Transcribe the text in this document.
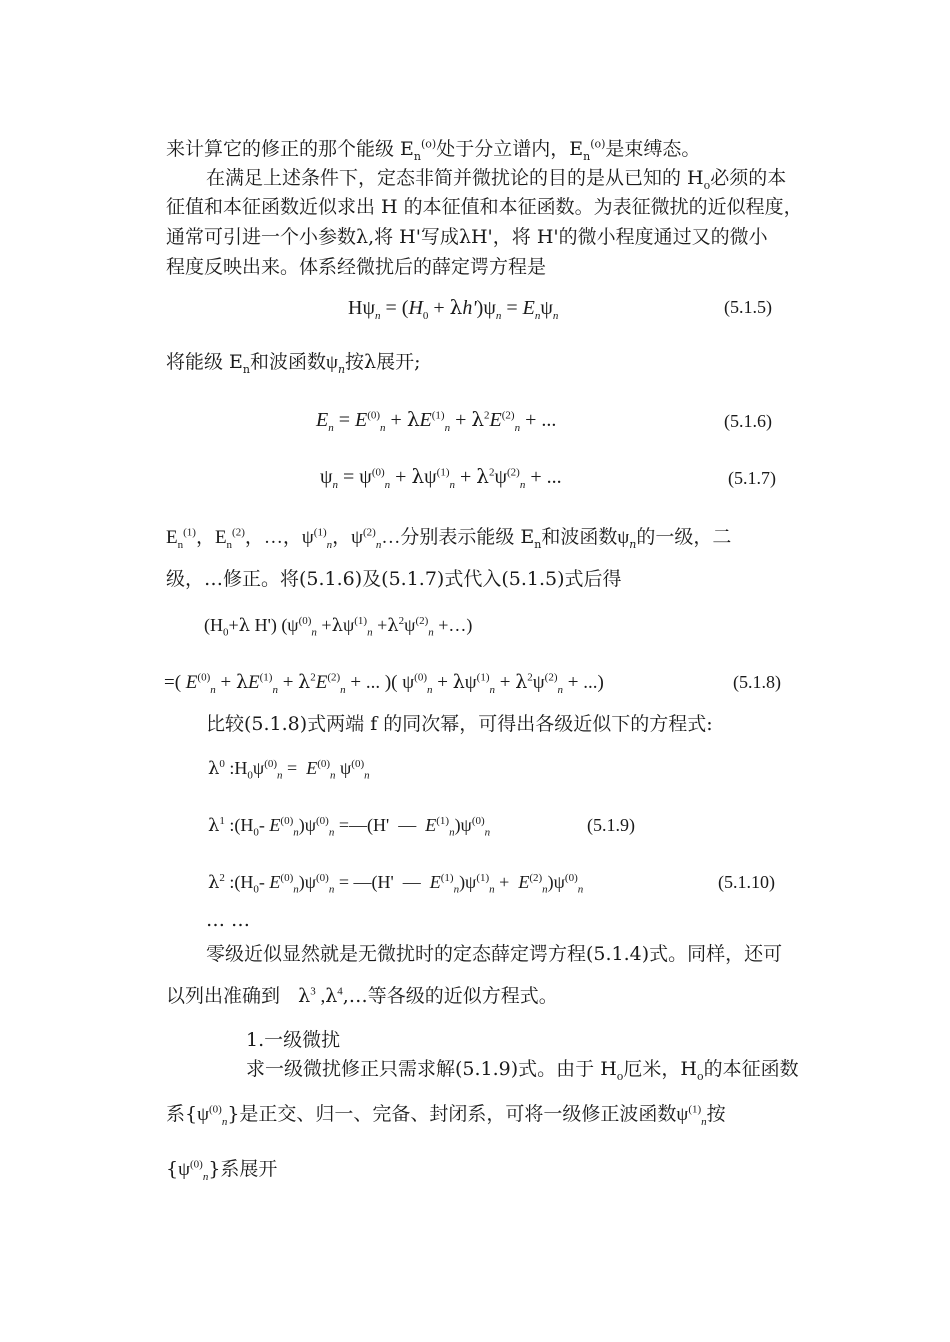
来计算它的修正的那个能级 $E_n^{(o)}$处于分立谱内，$E_n^{(o)}$是束缚态。
在满足上述条件下，定态非简并微扰论的目的是从已知的 $H_o$必须的本
征值和本征函数近似求出 H 的本征值和本征函数。为表征微扰的近似程度，
通常可引进一个小参数λ,将 H'写成λH'，将 H'的微小程度通过又的微小
程度反映出来。体系经微扰后的薛定谔方程是
$H\psi_n = (H_0 + \lambda h')\psi_n = E_n\psi_n$	(5.1.5)
将能级 $E_n$和波函数$\psi_n$按λ展开;
$E_n = E^{(0)}_n + \lambda E^{(1)}_n + \lambda^2E^{(2)}_n$ + ...	(5.1.6)
$\psi_n = \psi^{(0)}_n + \lambda\psi^{(1)}_n + \lambda^2\psi^{(2)}_n$ + ...	(5.1.7)
$E_n^{(1)}$，$E_n^{(2)}$，…，$\psi^{(1)}_n$，$\psi^{(2)}_n\dots$分别表示能级 $E_n$和波函数$\psi_n$的一级，二
级，…修正。将(5.1.6)及(5.1.7)式代入(5.1.5)式后得
($H_0+\lambda$ H') ($\psi^{(0)}_n +\lambda\psi^{(1)}_n +\lambda^2\psi^{(2)}_n$ +…)
=( $E^{(0)}_n + \lambda E^{(1)}_n + \lambda^2E^{(2)}_n$ + ... )( $\psi^{(0)}_n + \lambda\psi^{(1)}_n + \lambda^2\psi^{(2)}_n$ + ...)	(5.1.8)
比较(5.1.8)式两端 f 的同次幂，可得出各级近似下的方程式:
$\lambda^0$ $:H_0\psi^{(0)}_n = E^{(0)}_n$ $\psi^{(0)}_n$
$\lambda^1$ $:(H_0-$ $E^{(0)}_n)\psi^{(0)}_n$ =—(H'  —  $E^{(1)}_n)\psi^{(0)}_n$	(5.1.9)
$\lambda^2$ $:(H_0-$ $E^{(0)}_n)\psi^{(0)}_n$ = —(H'  —  $E^{(1)}_n)\psi^{(1)}_n + E^{(2)}_n)\psi^{(0)}_n$	(5.1.10)
… …
零级近似显然就是无微扰时的定态薛定谔方程(5.1.4)式。同样，还可
以列出准确到 $\lambda^3$ $,\lambda^4,\dots$等各级的近似方程式。
1.一级微扰
求一级微扰修正只需求解(5.1.9)式。由于 $H_o$厄米，$H_o$的本征函数
系$\{\psi^{(0)}_n\}$是正交、归一、完备、封闭系，可将一级修正波函数$\psi^{(1)}_n$按
$\{\psi^{(0)}_n\}$系展开
